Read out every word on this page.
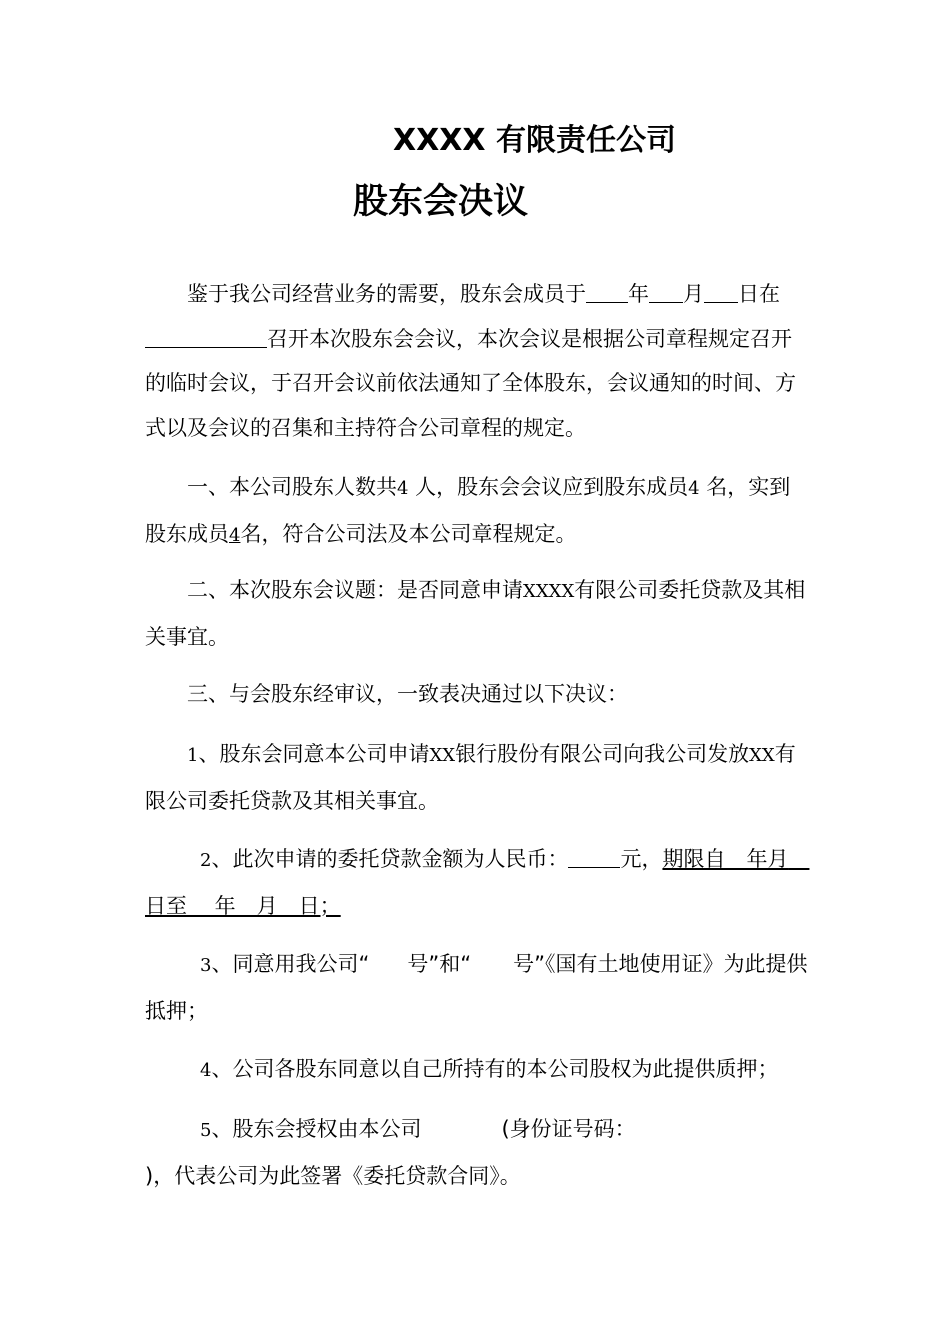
XXXX 有限责任公司
股东会决议

鉴于我公司经营业务的需要，股东会成员于 年 月 日在召开本次股东会会议，本次会议是根据公司章程规定召开的临时会议，于召开会议前依法通知了全体股东，会议通知的时间、方式以及会议的召集和主持符合公司章程的规定。

一、本公司股东人数共4 人，股东会会议应到股东成员4 名，实到股东成员4名，符合公司法及本公司章程规定。

二、本次股东会议题：是否同意申请XXXX有限公司委托贷款及其相关事宜。

三、与会股东经审议，一致表决通过以下决议：

1、股东会同意本公司申请XX银行股份有限公司向我公司发放XX有限公司委托贷款及其相关事宜。

2、此次申请的委托贷款金额为人民币： 元，期限自　年月　日至　 年　月　日；

3、同意用我公司“ 号”和“ 号”《国有土地使用证》为此提供抵押；

4、公司各股东同意以自己所持有的本公司股权为此提供质押；

5、股东会授权由本公司	(身份证号码：)，代表公司为此签署《委托贷款合同》。
